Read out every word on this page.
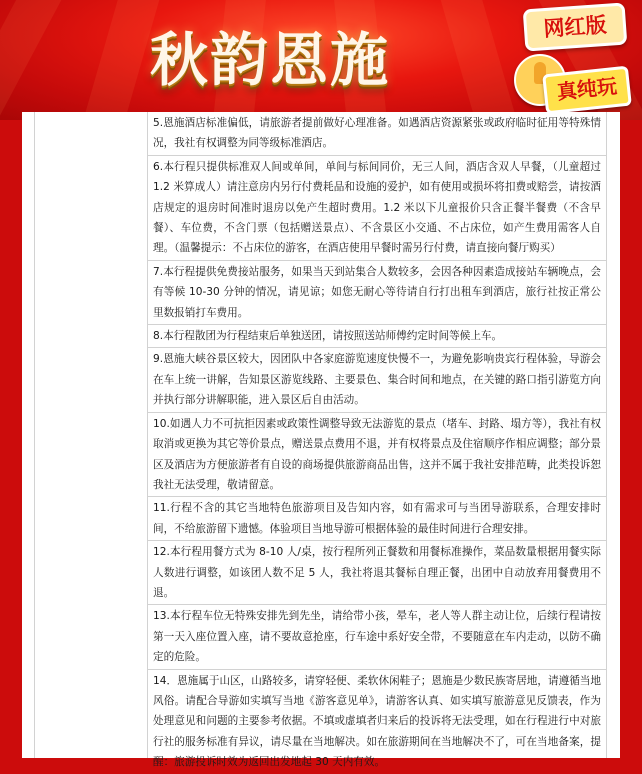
秋韵恩施	网红版
真纯玩
5.恩施酒店标准偏低，请旅游者提前做好心理准备。如遇酒店资源紧张或政府临时征用等特殊情况，我社有权调整为同等级标准酒店。
6.本行程只提供标准双人间或单间，单间与标间同价，无三人间，酒店含双人早餐，（儿童超过 1.2 米算成人）请注意房内另行付费耗品和设施的爱护，如有使用或损坏将扣费或赔尝，请按酒店规定的退房时间准时退房以免产生超时费用。1.2 米以下儿童报价只含正餐半餐费（不含早餐）、车位费，不含门票（包括赠送景点）、不含景区小交通、不占床位，如产生费用需客人自理。（温馨提示：不占床位的游客，在酒店使用早餐时需另行付费，请直接向餐厅购买）
7.本行程提供免费接站服务，如果当天到站集合人数较多，会因各种因素造成接站车辆晚点，会有等候 10-30 分钟的情况，请见谅；如您无耐心等待请自行打出租车到酒店，旅行社按正常公里数报销打车费用。
8.本行程散团为行程结束后单独送团，请按照送站师傅约定时间等候上车。
9.恩施大峡谷景区较大，因团队中各家庭游览速度快慢不一，为避免影响贵宾行程体验，导游会在车上统一讲解，告知景区游览线路、主要景色、集合时间和地点，在关键的路口指引游览方向并执行部分讲解职能，进入景区后自由活动。
10.如遇人力不可抗拒因素或政策性调整导致无法游览的景点（堵车、封路、塌方等），我社有权取消或更换为其它等价景点，赠送景点费用不退，并有权将景点及住宿顺序作相应调整；部分景区及酒店为方便旅游者有自设的商场提供旅游商品出售，这并不属于我社安排范畴，此类投诉恕我社无法受理，敬请留意。
11.行程不含的其它当地特色旅游项目及告知内容，如有需求可与当团导游联系，合理安排时间，不给旅游留下遗憾。体验项目当地导游可根据体验的最佳时间进行合理安排。
12.本行程用餐方式为 8-10 人/桌，按行程所列正餐数和用餐标准操作，菜品数量根据用餐实际人数进行调整，如该团人数不足 5 人，我社将退其餐标自理正餐，出团中自动放弃用餐费用不退。
13.本行程车位无特殊安排先到先坐，请给带小孩，晕车，老人等人群主动让位，后续行程请按第一天入座位置入座，请不要故意抢座，行车途中系好安全带，不要随意在车内走动，以防不确定的危险。
14．恩施属于山区，山路较多，请穿轻便、柔软休闲鞋子；恩施是少数民族寄居地，请遵循当地风俗。请配合导游如实填写当地《游客意见单》，请游客认真、如实填写旅游意见反馈表，作为处理意见和问题的主要参考依据。不填或虚填者归来后的投诉将无法受理，如在行程进行中对旅行社的服务标准有异议，请尽量在当地解决。如在旅游期间在当地解决不了，可在当地备案，提醒：旅游投诉时效为返回出发地起 30 天内有效。
